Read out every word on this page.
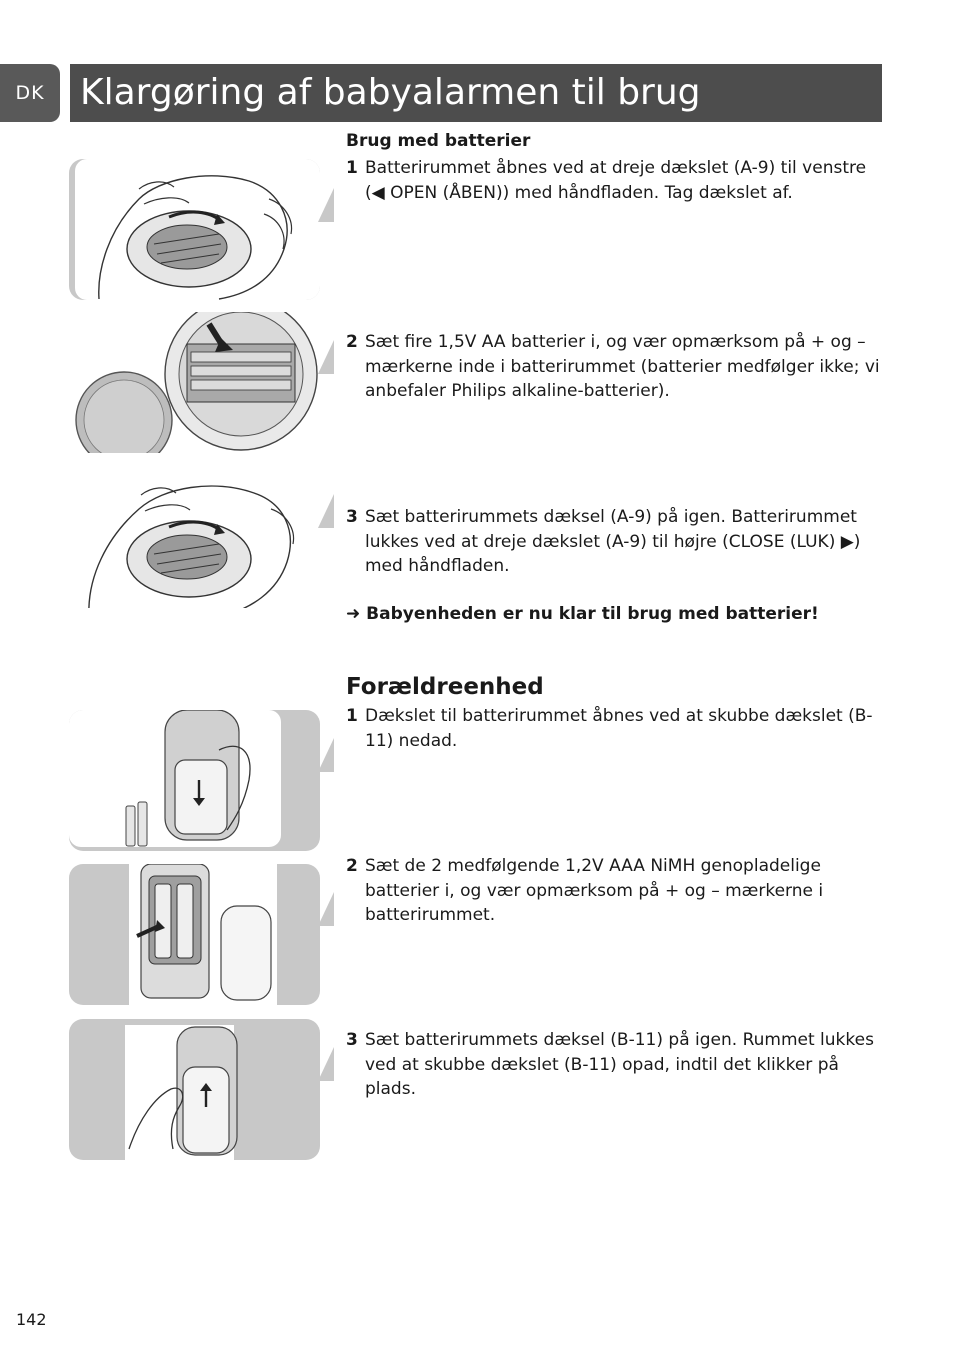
DK Klargøring af babyalarmen til brug
Brug med batterier
1 Batterirummet åbnes ved at dreje dækslet (A-9) til venstre (◀ OPEN (ÅBEN)) med håndfladen. Tag dækslet af.
2 Sæt fire 1,5V AA batterier i, og vær opmærksom på + og – mærkerne inde i batterirummet (batterier medfølger ikke; vi anbefaler Philips alkaline-batterier).
3 Sæt batterirummets dæksel (A-9) på igen. Batterirummet lukkes ved at dreje dækslet (A-9) til højre (CLOSE (LUK) ▶) med håndfladen.
➜ Babyenheden er nu klar til brug med batterier!
Forældreenhed
1 Dækslet til batterirummet åbnes ved at skubbe dækslet (B-11) nedad.
2 Sæt de 2 medfølgende 1,2V AAA NiMH genopladelige batterier i, og vær opmærksom på + og – mærkerne i batterirummet.
3 Sæt batterirummets dæksel (B-11) på igen. Rummet lukkes ved at skubbe dækslet (B-11) opad, indtil det klikker på plads.
142
